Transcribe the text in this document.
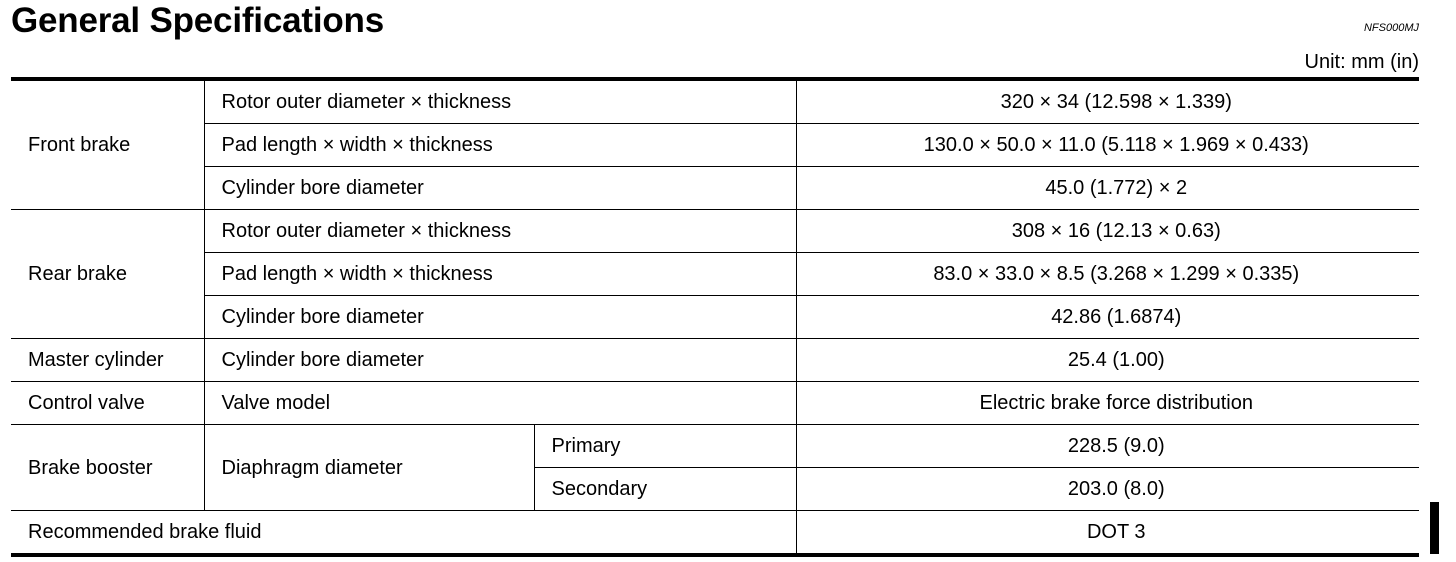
General Specifications	NFS000MJ
Unit: mm (in)
Front brake	Rotor outer diameter × thickness		320 × 34 (12.598 × 1.339)
	Pad length × width × thickness		130.0 × 50.0 × 11.0 (5.118 × 1.969 × 0.433)
	Cylinder bore diameter		45.0 (1.772) × 2
Rear brake	Rotor outer diameter × thickness		308 × 16 (12.13 × 0.63)
	Pad length × width × thickness		83.0 × 33.0 × 8.5 (3.268 × 1.299 × 0.335)
	Cylinder bore diameter		42.86 (1.6874)
Master cylinder	Cylinder bore diameter		25.4 (1.00)
Control valve	Valve model		Electric brake force distribution
Brake booster	Diaphragm diameter	Primary	228.5 (9.0)
		Secondary	203.0 (8.0)
Recommended brake fluid			DOT 3
